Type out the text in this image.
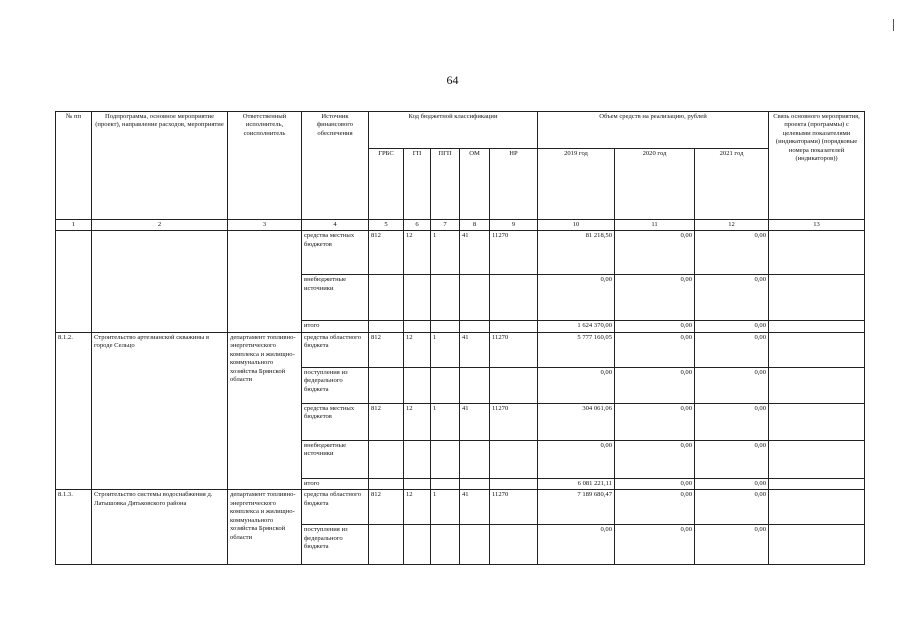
64
№ пп	Подпрограмма, основное мероприятие (проект), направление расходов, мероприятие	Ответственный исполнитель, соисполнитель	Источник финансового обеспечения	Код бюджетной классификации					Объем средств на реализацию, рублей			Связь основного мероприятия, проекта (программы) с целевыми показателями (индикаторами) (порядковые номера показателей (индикаторов))
				ГРБС	ГП	ПГП	ОМ	НР	2019 год	2020 год	2021 год	
1	2	3	4	5	6	7	8	9	10	11	12	13
			средства местных бюджетов	812	12	1	41	11270	81 218,50	0,00	0,00	
			внебюджетные источники						0,00	0,00	0,00	
			итого						1 624 370,00	0,00	0,00	
8.1.2.	Строительство артезианской скважины в городе Сельцо	департамент топливно-энергетического комплекса и жилищно-коммунального хозяйства Брянской области	средства областного бюджета	812	12	1	41	11270	5 777 160,05	0,00	0,00	
			поступления из федерального бюджета						0,00	0,00	0,00	
			средства местных бюджетов	812	12	1	41	11270	304 061,06	0,00	0,00	
			внебюджетные источники						0,00	0,00	0,00	
			итого						6 081 221,11	0,00	0,00	
8.1.3.	Строительство системы водоснабжения д. Латышовка Дятьковского района	департамент топливно-энергетического комплекса и жилищно-коммунального хозяйства Брянской области	средства областного бюджета	812	12	1	41	11270	7 189 680,47	0,00	0,00	
			поступления из федерального бюджета						0,00	0,00	0,00	
